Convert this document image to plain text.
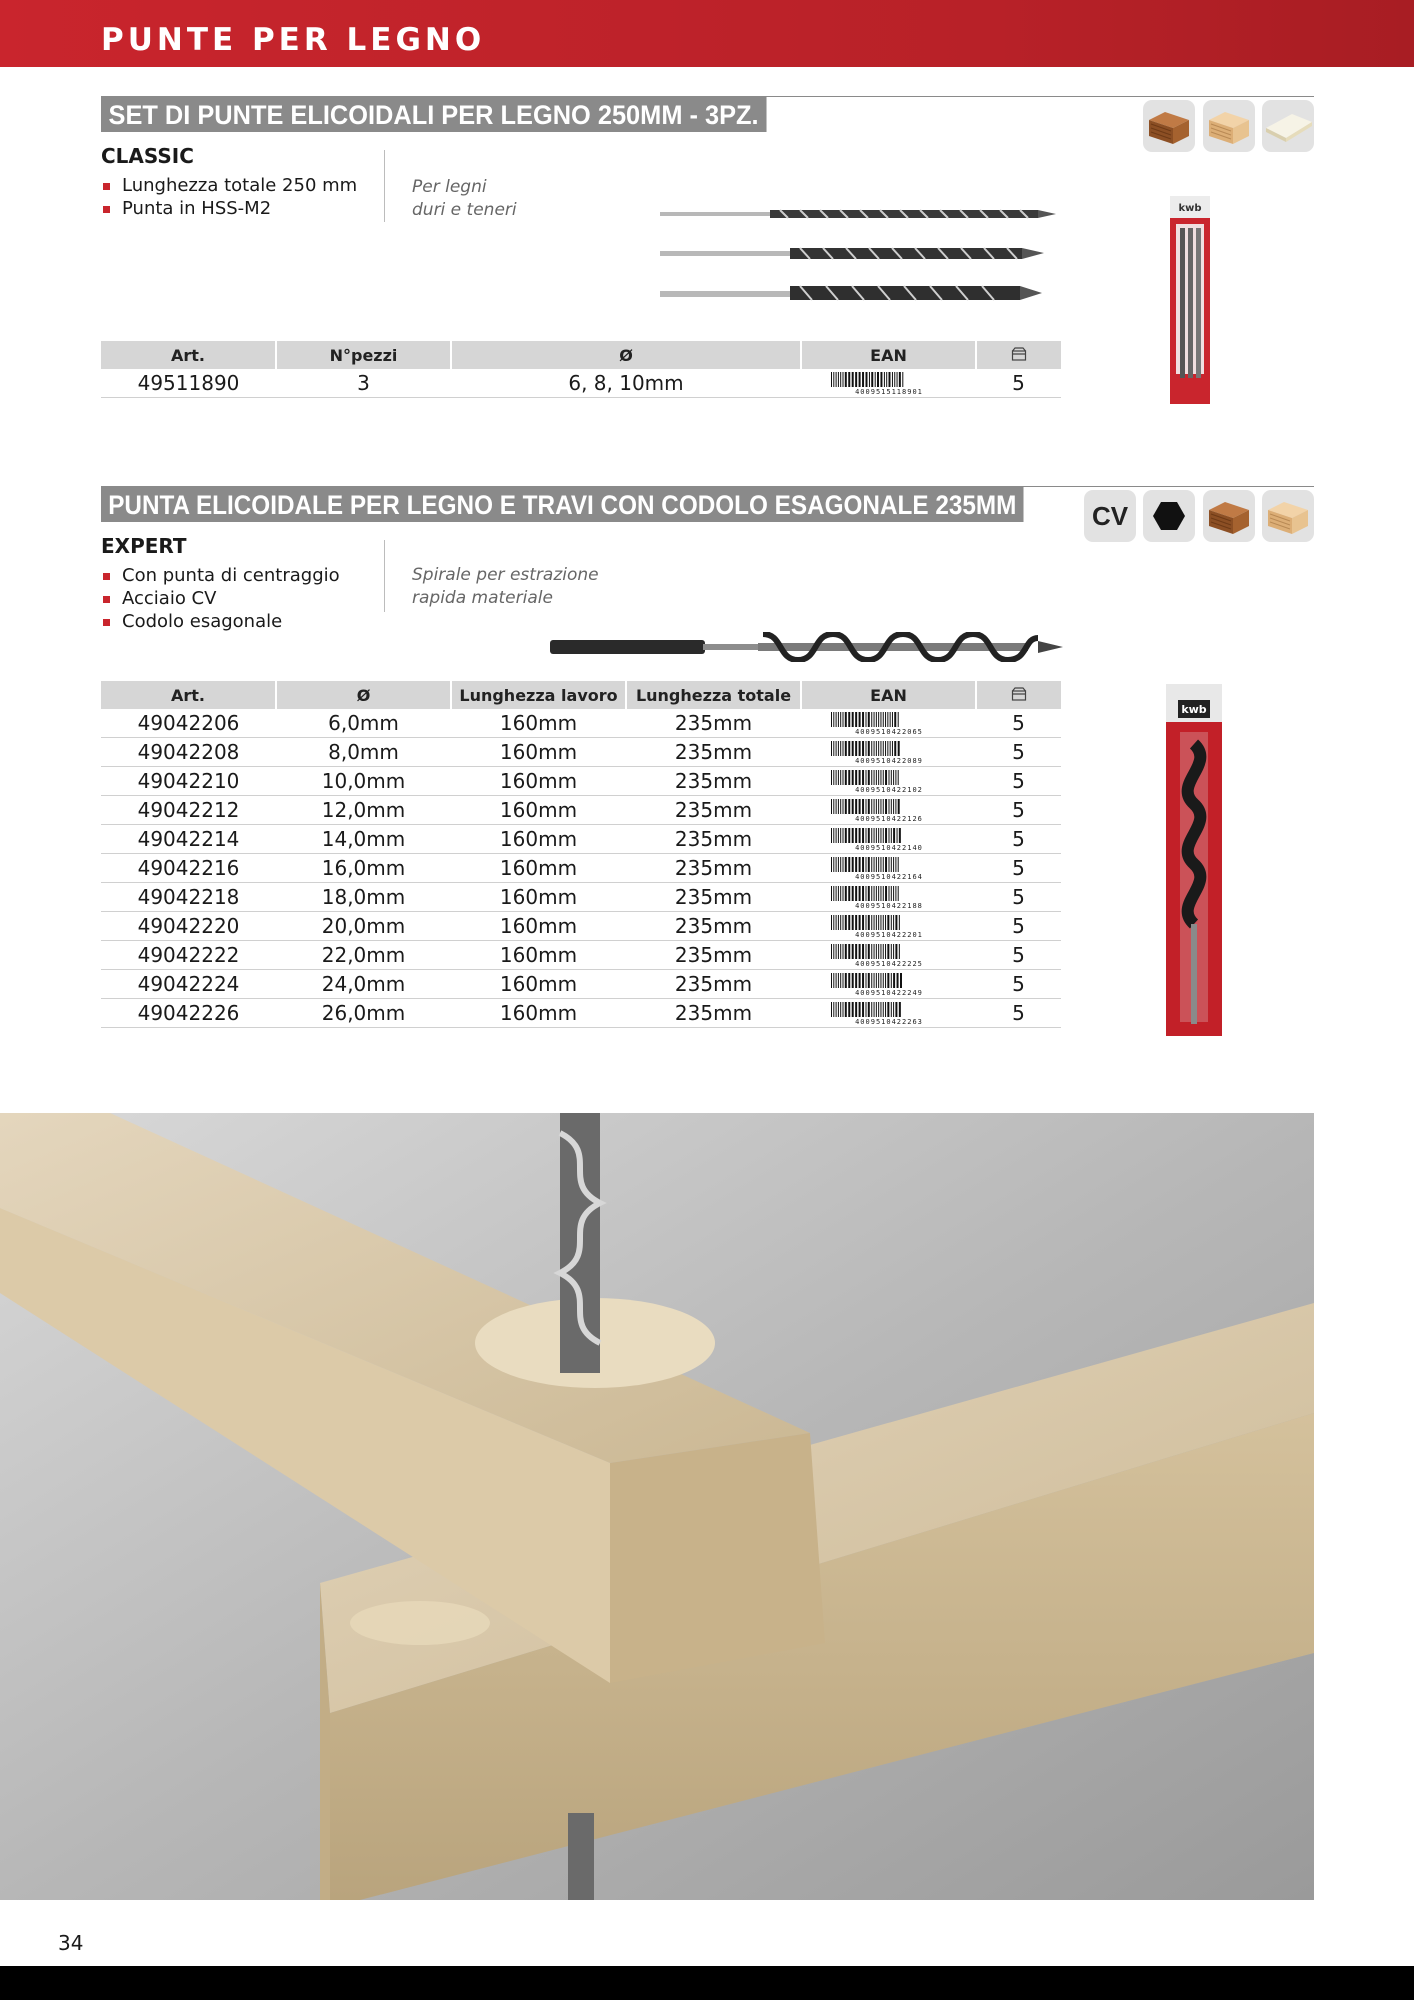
PUNTE PER LEGNO
SET DI PUNTE ELICOIDALI PER LEGNO 250MM - 3PZ.
CLASSIC
Lunghezza totale 250 mm
Punta in HSS-M2
Per legni
duri e teneri	kwb
Art.	N°pezzi	Ø	EAN	
49511890	3	6, 8, 10mm	4009515118901	5
PUNTA ELICOIDALE PER LEGNO E TRAVI CON CODOLO ESAGONALE 235MM
EXPERT
Con punta di centraggio
Acciaio CV
Codolo esagonale
Spirale per estrazione
rapida materiale
CV
kwb
Art.	Ø	Lunghezza lavoro	Lunghezza totale	EAN	
49042206	6,0mm	160mm	235mm	4009510422065	5
49042208	8,0mm	160mm	235mm	4009510422089	5
49042210	10,0mm	160mm	235mm	4009510422102	5
49042212	12,0mm	160mm	235mm	4009510422126	5
49042214	14,0mm	160mm	235mm	4009510422140	5
49042216	16,0mm	160mm	235mm	4009510422164	5
49042218	18,0mm	160mm	235mm	4009510422188	5
49042220	20,0mm	160mm	235mm	4009510422201	5
49042222	22,0mm	160mm	235mm	4009510422225	5
49042224	24,0mm	160mm	235mm	4009510422249	5
49042226	26,0mm	160mm	235mm	4009510422263	5
34
